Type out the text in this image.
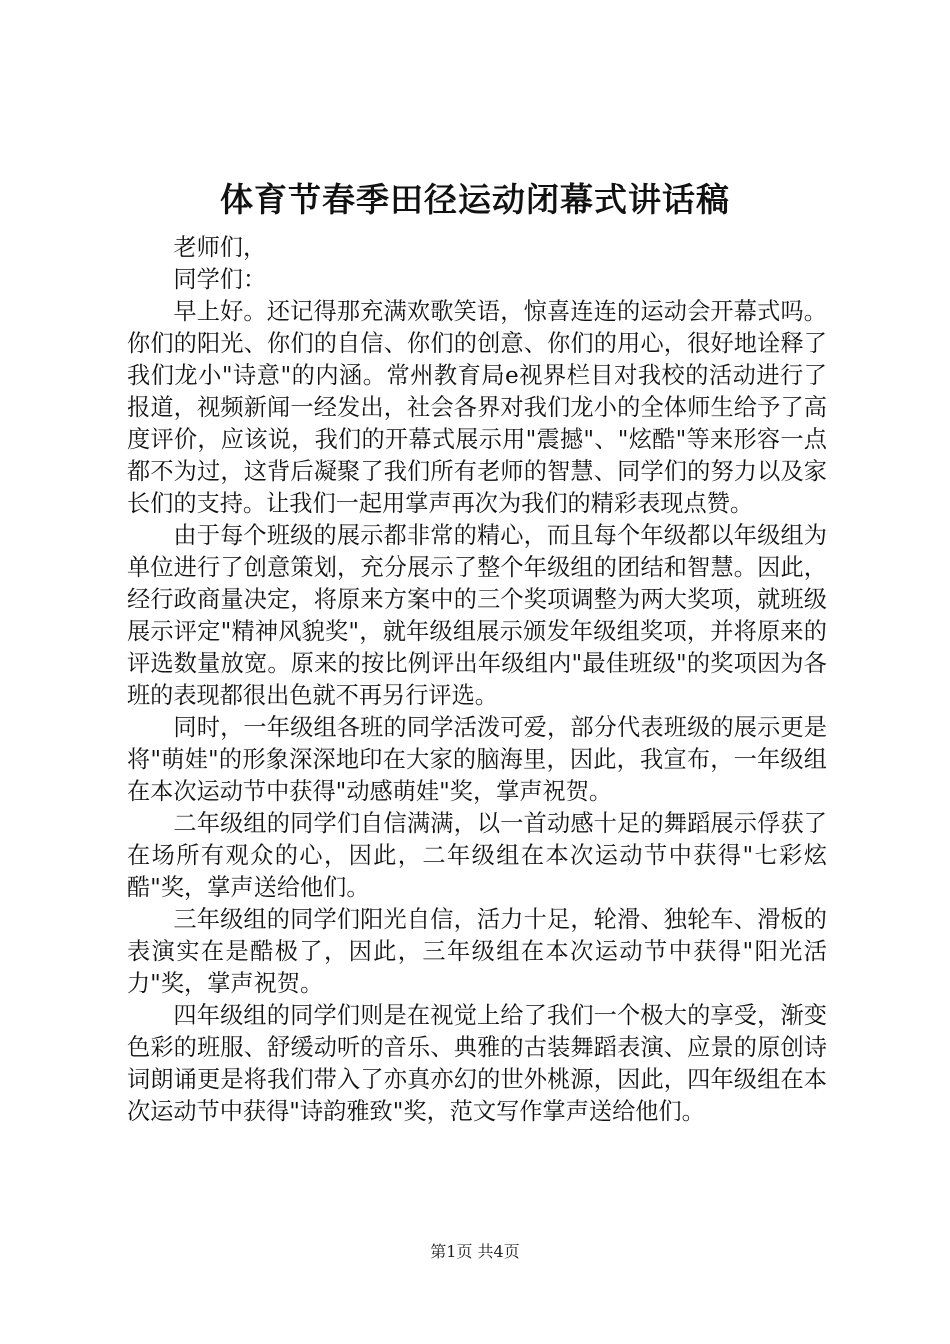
体育节春季田径运动闭幕式讲话稿

老师们，

同学们：

早上好。还记得那充满欢歌笑语，惊喜连连的运动会开幕式吗。你们的阳光、你们的自信、你们的创意、你们的用心，很好地诠释了我们龙小"诗意"的内涵。常州教育局e视界栏目对我校的活动进行了报道，视频新闻一经发出，社会各界对我们龙小的全体师生给予了高度评价，应该说，我们的开幕式展示用"震撼"、"炫酷"等来形容一点都不为过，这背后凝聚了我们所有老师的智慧、同学们的努力以及家长们的支持。让我们一起用掌声再次为我们的精彩表现点赞。

由于每个班级的展示都非常的精心，而且每个年级都以年级组为单位进行了创意策划，充分展示了整个年级组的团结和智慧。因此，经行政商量决定，将原来方案中的三个奖项调整为两大奖项，就班级展示评定"精神风貌奖"，就年级组展示颁发年级组奖项，并将原来的评选数量放宽。原来的按比例评出年级组内"最佳班级"的奖项因为各班的表现都很出色就不再另行评选。

同时，一年级组各班的同学活泼可爱，部分代表班级的展示更是将"萌娃"的形象深深地印在大家的脑海里，因此，我宣布，一年级组在本次运动节中获得"动感萌娃"奖，掌声祝贺。

二年级组的同学们自信满满，以一首动感十足的舞蹈展示俘获了在场所有观众的心，因此，二年级组在本次运动节中获得"七彩炫酷"奖，掌声送给他们。

三年级组的同学们阳光自信，活力十足，轮滑、独轮车、滑板的表演实在是酷极了，因此，三年级组在本次运动节中获得"阳光活力"奖，掌声祝贺。

四年级组的同学们则是在视觉上给了我们一个极大的享受，渐变色彩的班服、舒缓动听的音乐、典雅的古装舞蹈表演、应景的原创诗词朗诵更是将我们带入了亦真亦幻的世外桃源，因此，四年级组在本次运动节中获得"诗韵雅致"奖，范文写作掌声送给他们。

第1页 共4页
